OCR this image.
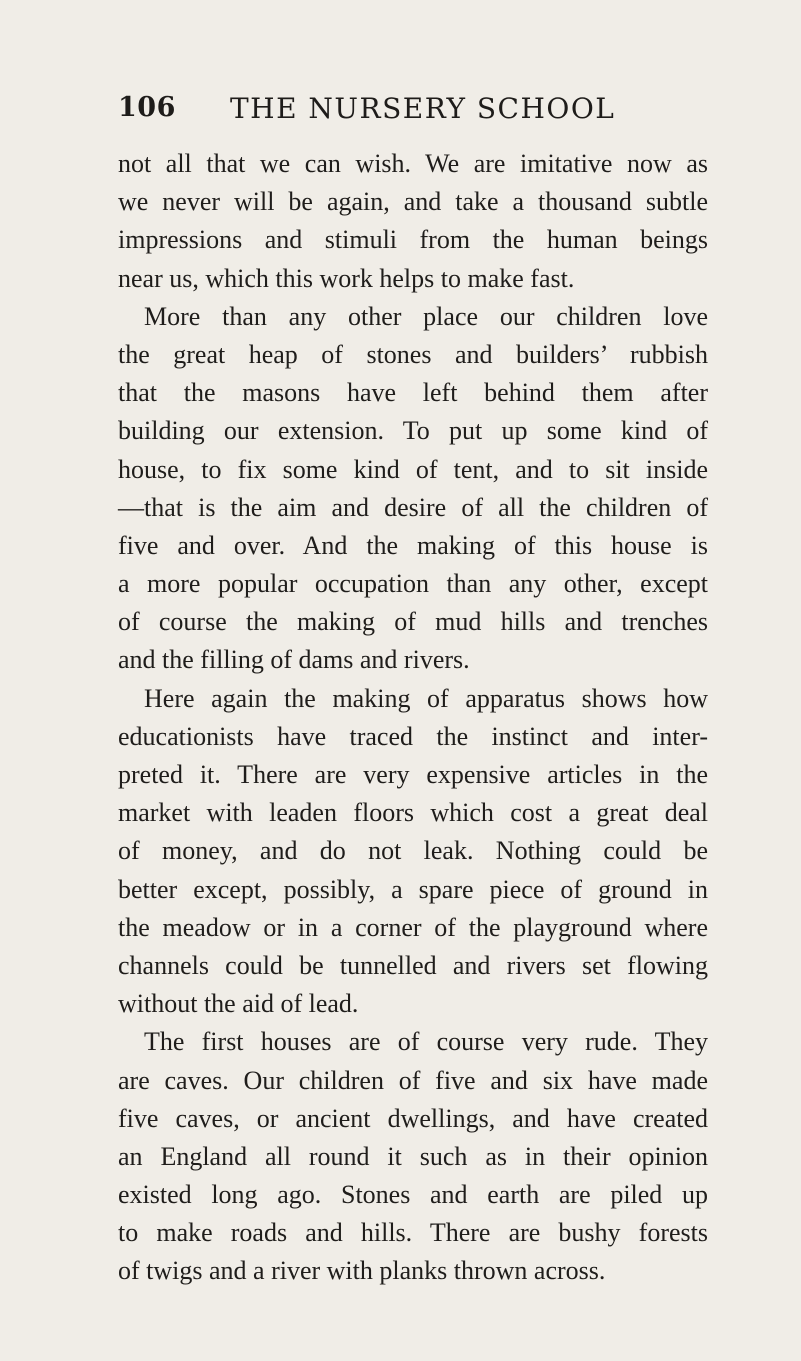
106 THE NURSERY SCHOOL
not all that we can wish. We are imitative now as
we never will be again, and take a thousand subtle
impressions and stimuli from the human beings
near us, which this work helps to make fast.
More than any other place our children love
the great heap of stones and builders’ rubbish
that the masons have left behind them after
building our extension. To put up some kind of
house, to fix some kind of tent, and to sit inside
—that is the aim and desire of all the children of
five and over. And the making of this house is
a more popular occupation than any other, except
of course the making of mud hills and trenches
and the filling of dams and rivers.
Here again the making of apparatus shows how
educationists have traced the instinct and inter-
preted it. There are very expensive articles in the
market with leaden floors which cost a great deal
of money, and do not leak. Nothing could be
better except, possibly, a spare piece of ground in
the meadow or in a corner of the playground where
channels could be tunnelled and rivers set flowing
without the aid of lead.
The first houses are of course very rude. They
are caves. Our children of five and six have made
five caves, or ancient dwellings, and have created
an England all round it such as in their opinion
existed long ago. Stones and earth are piled up
to make roads and hills. There are bushy forests
of twigs and a river with planks thrown across.
